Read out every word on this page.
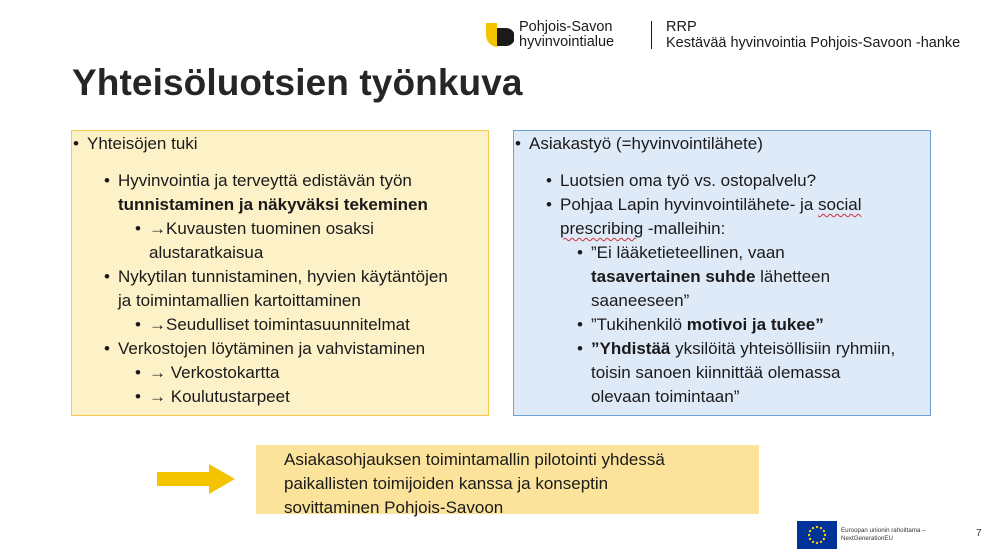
Pohjois-Savon
hyvinvointialue
RRP
Kestävää hyvinvointia Pohjois-Savoon -hanke
Yhteisöluotsien työnkuva
• Yhteisöjen tuki
• Hyvinvointia ja terveyttä edistävän työn
tunnistaminen ja näkyväksi tekeminen
• →Kuvausten tuominen osaksi
alustaratkaisua
• Nykytilan tunnistaminen, hyvien käytäntöjen
ja toimintamallien kartoittaminen
• →Seudulliset toimintasuunnitelmat
• Verkostojen löytäminen ja vahvistaminen
• → Verkostokartta
• → Koulutustarpeet
• Asiakastyö (=hyvinvointilähete)
• Luotsien oma työ vs. ostopalvelu?
• Pohjaa Lapin hyvinvointilähete- ja social
prescribing -malleihin:
• ”Ei lääketieteellinen, vaan
tasavertainen suhde lähetteen
saaneeseen”
• ”Tukihenkilö motivoi ja tukee”
• ”Yhdistää yksilöitä yhteisöllisiin ryhmiin,
toisin sanoen kiinnittää olemassa
olevaan toimintaan”
Asiakasohjauksen toimintamallin pilotointi yhdessä
paikallisten toimijoiden kanssa ja konseptin
sovittaminen Pohjois-Savoon
Euroopan unionin rahoittama –
NextGenerationEU	7
